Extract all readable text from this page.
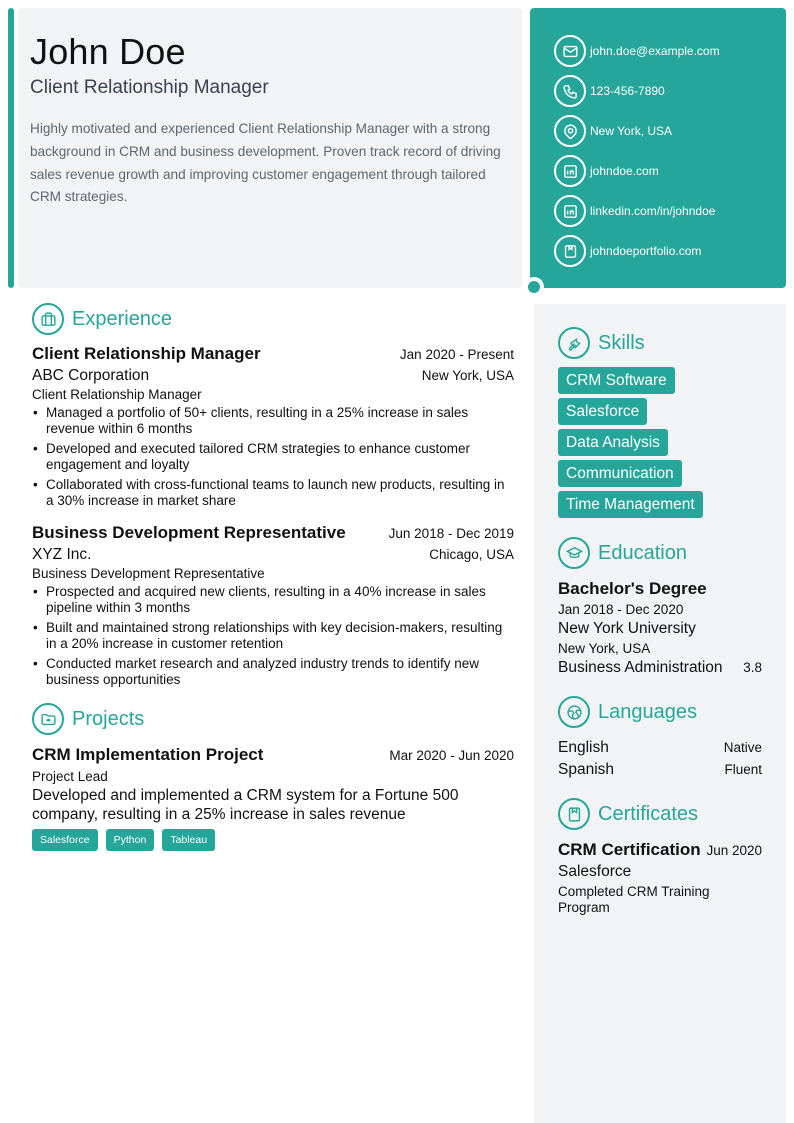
John Doe
Client Relationship Manager

Highly motivated and experienced Client Relationship Manager with a strong background in CRM and business development. Proven track record of driving sales revenue growth and improving customer engagement through tailored CRM strategies.

john.doe@example.com
123-456-7890
New York, USA
johndoe.com
linkedin.com/in/johndoe
johndoeportfolio.com
Experience
Client Relationship Manager	Jan 2020 - Present
ABC Corporation	New York, USA
Client Relationship Manager
• Managed a portfolio of 50+ clients, resulting in a 25% increase in sales revenue within 6 months
• Developed and executed tailored CRM strategies to enhance customer engagement and loyalty
• Collaborated with cross-functional teams to launch new products, resulting in a 30% increase in market share
Business Development Representative	Jun 2018 - Dec 2019
XYZ Inc.	Chicago, USA
Business Development Representative
• Prospected and acquired new clients, resulting in a 40% increase in sales pipeline within 3 months
• Built and maintained strong relationships with key decision-makers, resulting in a 20% increase in customer retention
• Conducted market research and analyzed industry trends to identify new business opportunities
Projects
CRM Implementation Project	Mar 2020 - Jun 2020
Project Lead
Developed and implemented a CRM system for a Fortune 500 company, resulting in a 25% increase in sales revenue
Salesforce	Python	Tableau
Skills
CRM Software
Salesforce
Data Analysis
Communication
Time Management
Education
Bachelor's Degree
Jan 2018 - Dec 2020
New York University
New York, USA
Business Administration 3.8
Languages
English	Native
Spanish	Fluent
Certificates
CRM Certification Jun 2020
Salesforce
Completed CRM Training Program
